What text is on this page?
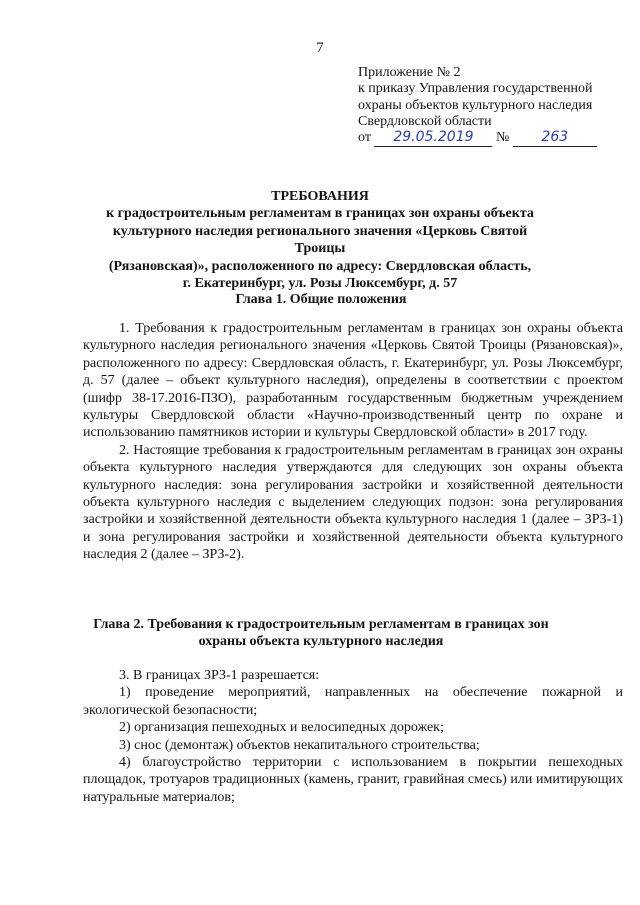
7
Приложение № 2
к приказу Управления государственной
охраны объектов культурного наследия
Свердловской области
от 29.05.2019 № 263
ТРЕБОВАНИЯ
к градостроительным регламентам в границах зон охраны объекта
культурного наследия регионального значения «Церковь Святой Троицы
(Рязановская)», расположенного по адресу: Свердловская область,
г. Екатеринбург, ул. Розы Люксембург, д. 57
Глава 1. Общие положения

1. Требования к градостроительным регламентам в границах зон охраны объекта культурного наследия регионального значения «Церковь Святой Троицы (Рязановская)», расположенного по адресу: Свердловская область, г. Екатеринбург, ул. Розы Люксембург, д. 57 (далее – объект культурного наследия), определены в соответствии с проектом (шифр 38-17.2016-ПЗО), разработанным государственным бюджетным учреждением культуры Свердловской области «Научно-производственный центр по охране и использованию памятников истории и культуры Свердловской области» в 2017 году.

2. Настоящие требования к градостроительным регламентам в границах зон охраны объекта культурного наследия утверждаются для следующих зон охраны объекта культурного наследия: зона регулирования застройки и хозяйственной деятельности объекта культурного наследия с выделением следующих подзон: зона регулирования застройки и хозяйственной деятельности объекта культурного наследия 1 (далее – ЗРЗ-1) и зона регулирования застройки и хозяйственной деятельности объекта культурного наследия 2 (далее – ЗРЗ-2).

Глава 2. Требования к градостроительным регламентам в границах зон
охраны объекта культурного наследия

3. В границах ЗРЗ-1 разрешается:

1) проведение мероприятий, направленных на обеспечение пожарной и экологической безопасности;

2) организация пешеходных и велосипедных дорожек;

3) снос (демонтаж) объектов некапитального строительства;

4) благоустройство территории с использованием в покрытии пешеходных площадок, тротуаров традиционных (камень, гранит, гравийная смесь) или имитирующих натуральные материалов;
